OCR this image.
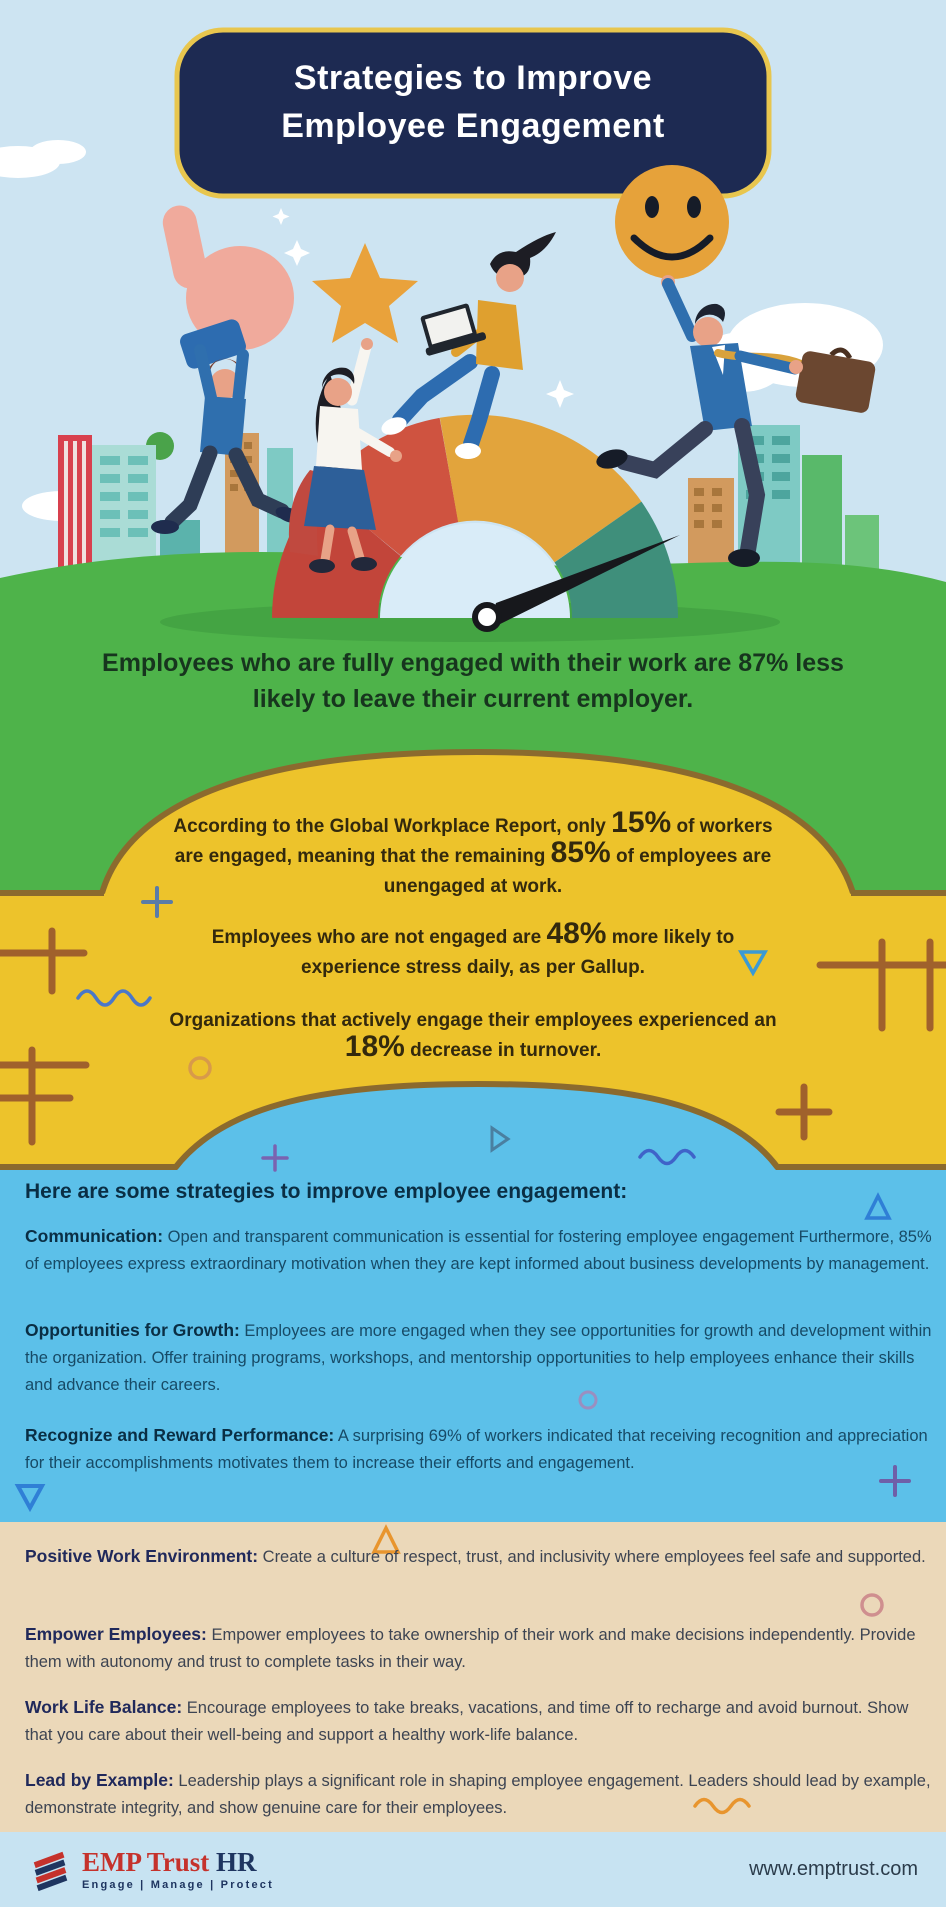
Strategies to Improve
Employee Engagement
Employees who are fully engaged with their work are 87% less likely to leave their current employer.
According to the Global Workplace Report, only 15% of workers are engaged, meaning that the remaining 85% of employees are unengaged at work.
Employees who are not engaged are 48% more likely to experience stress daily, as per Gallup.
Organizations that actively engage their employees experienced an 18% decrease in turnover.
Here are some strategies to improve employee engagement:
Communication: Open and transparent communication is essential for fostering employee engagement Furthermore, 85% of employees express extraordinary motivation when they are kept informed about business developments by management.
Opportunities for Growth: Employees are more engaged when they see opportunities for growth and development within the organization. Offer training programs, workshops, and mentorship opportunities to help employees enhance their skills and advance their careers.
Recognize and Reward Performance: A surprising 69% of workers indicated that receiving recognition and appreciation for their accomplishments motivates them to increase their efforts and engagement.
Positive Work Environment: Create a culture of respect, trust, and inclusivity where employees feel safe and supported.
Empower Employees: Empower employees to take ownership of their work and make decisions independently. Provide them with autonomy and trust to complete tasks in their way.
Work Life Balance: Encourage employees to take breaks, vacations, and time off to recharge and avoid burnout. Show that you care about their well-being and support a healthy work-life balance.
Lead by Example: Leadership plays a significant role in shaping employee engagement. Leaders should lead by example, demonstrate integrity, and show genuine care for their employees.
EMP Trust HR
Engage | Manage | Protect
www.emptrust.com
